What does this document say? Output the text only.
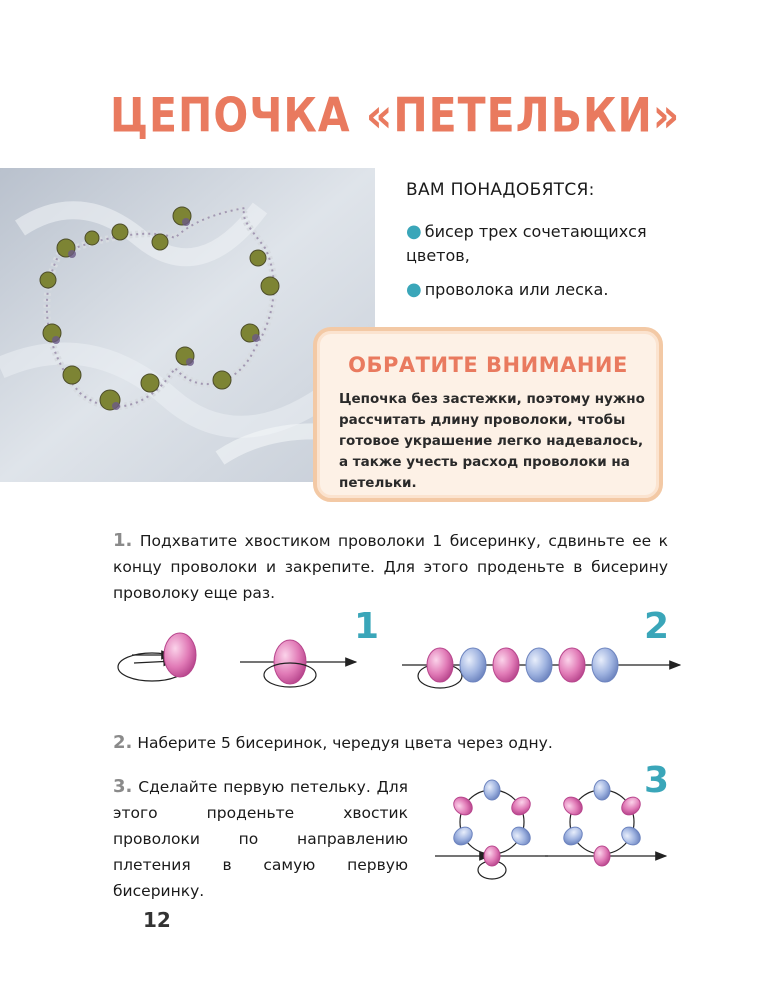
ЦЕПОЧКА «ПЕТЕЛЬКИ»
ВАМ ПОНАДОБЯТСЯ:
● бисер трех сочетающихся цветов,
● проволока или леска.
ОБРАТИТЕ ВНИМАНИЕ
Цепочка без застежки, поэтому нужно рассчитать длину проволоки, чтобы готовое украшение легко надевалось, а также учесть расход проволоки на петельки.
1. Подхватите хвостиком проволоки 1 бисеринку, сдвиньте ее к концу проволоки и закрепите. Для этого проденьте в бисерину проволоку еще раз.
1	2
2. Наберите 5 бисеринок, чередуя цвета через одну.
3. Сделайте первую петельку. Для этого проденьте хвостик проволоки по направлению плетения в самую первую бисеринку.
3
12
